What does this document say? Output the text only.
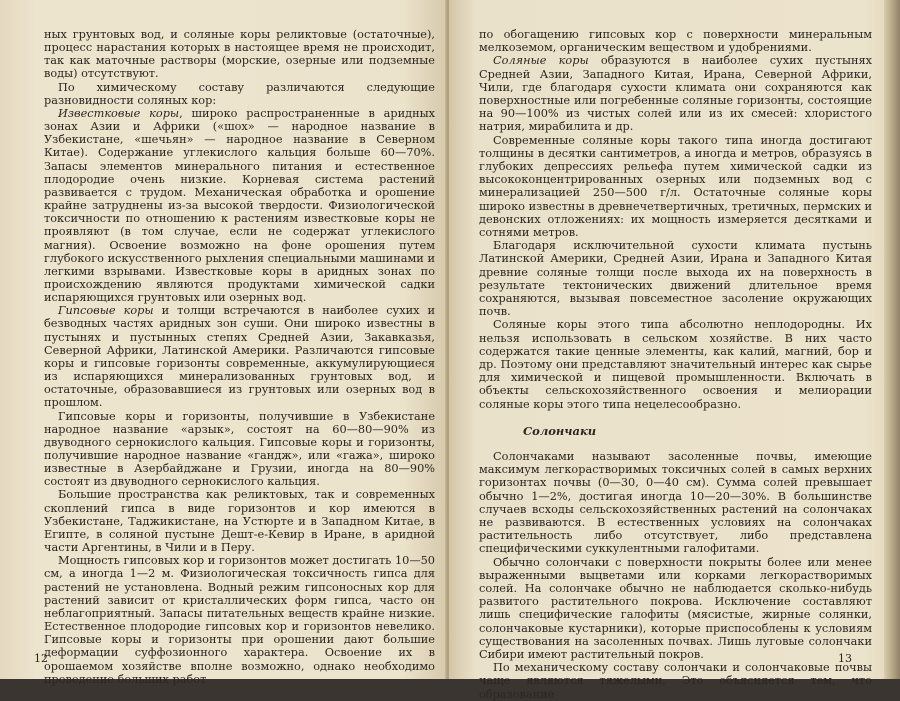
ных грунтовых вод, и соляные коры реликтовые (остаточные), процесс нарастания которых в настоящее время не происходит, так как маточные растворы (морские, озерные или подземные воды) отсутствуют.

По химическому составу различаются следующие разновидности соляных кор:

Известковые коры, широко распространенные в аридных зонах Азии и Африки («шох» — народное название в Узбекистане, «шечьян» — народное название в Северном Китае). Содержание углекислого кальция больше 60—70%. Запасы элементов минерального питания и естественное плодородие очень низкие. Корневая система растений развивается с трудом. Механическая обработка и орошение крайне затруднены из-за высокой твердости. Физиологической токсичности по отношению к растениям известковые коры не проявляют (в том случае, если не содержат углекислого магния). Освоение возможно на фоне орошения путем глубокого искусственного рыхления специальными машинами и легкими взрывами. Известковые коры в аридных зонах по происхождению являются продуктами химической садки испаряющихся грунтовых или озерных вод.

Гипсовые коры и толщи встречаются в наиболее сухих и безводных частях аридных зон суши. Они широко известны в пустынях и пустынных степях Средней Азии, Закавказья, Северной Африки, Латинской Америки. Различаются гипсовые коры и гипсовые горизонты современные, аккумулирующиеся из испаряющихся минерализованных грунтовых вод, и остаточные, образовавшиеся из грунтовых или озерных вод в прошлом.

Гипсовые коры и горизонты, получившие в Узбекистане народное название «арзык», состоят на 60—80—90% из двуводного сернокислого кальция. Гипсовые коры и горизонты, получившие народное название «гандж», или «гажа», широко известные в Азербайджане и Грузии, иногда на 80—90% состоят из двуводного сернокислого кальция.

Большие пространства как реликтовых, так и современных скоплений гипса в виде горизонтов и кор имеются в Узбекистане, Таджикистане, на Устюрте и в Западном Китае, в Египте, в соляной пустыне Дешт-е-Кевир в Иране, в аридной части Аргентины, в Чили и в Перу.

Мощность гипсовых кор и горизонтов может достигать 10—50 см, а иногда 1—2 м. Физиологическая токсичность гипса для растений не установлена. Водный режим гипсоносных кор для растений зависит от кристаллических форм гипса, часто он неблагоприятный. Запасы питательных веществ крайне низкие. Естественное плодородие гипсовых кор и горизонтов невелико. Гипсовые коры и горизонты при орошении дают большие деформации суффозионного характера. Освоение их в орошаемом хозяйстве вполне возможно, однако необходимо проведение больших работ

12

по обогащению гипсовых кор с поверхности минеральным мелкоземом, органическим веществом и удобрениями.

Соляные коры образуются в наиболее сухих пустынях Средней Азии, Западного Китая, Ирана, Северной Африки, Чили, где благодаря сухости климата они сохраняются как поверхностные или погребенные соляные горизонты, состоящие на 90—100% из чистых солей или из их смесей: хлористого натрия, мирабилита и др.

Современные соляные коры такого типа иногда достигают толщины в десятки сантиметров, а иногда и метров, образуясь в глубоких депрессиях рельефа путем химической садки из высококонцентрированных озерных или подземных вод с минерализацией 250—500 г/л. Остаточные соляные коры широко известны в древнечетвертичных, третичных, пермских и девонских отложениях: их мощность измеряется десятками и сотнями метров.

Благодаря исключительной сухости климата пустынь Латинской Америки, Средней Азии, Ирана и Западного Китая древние соляные толщи после выхода их на поверхность в результате тектонических движений длительное время сохраняются, вызывая повсеместное засоление окружающих почв.

Соляные коры этого типа абсолютно неплодородны. Их нельзя использовать в сельском хозяйстве. В них часто содержатся такие ценные элементы, как калий, магний, бор и др. Поэтому они представляют значительный интерес как сырье для химической и пищевой промышленности. Включать в объекты сельскохозяйственного освоения и мелиорации соляные коры этого типа нецелесообразно.

Солончаки

Солончаками называют засоленные почвы, имеющие максимум легкорастворимых токсичных солей в самых верхних горизонтах почвы (0—30, 0—40 см). Сумма солей превышает обычно 1—2%, достигая иногда 10—20—30%. В большинстве случаев всходы сельскохозяйственных растений на солончаках не развиваются. В естественных условиях на солончаках растительность либо отсутствует, либо представлена специфическими суккулентными галофитами.

Обычно солончаки с поверхности покрыты более или менее выраженными выцветами или корками легкорастворимых солей. На солончаке обычно не наблюдается сколько-нибудь развитого растительного покрова. Исключение составляют лишь специфические галофиты (мясистые, жирные солянки, солончаковые кустарники), которые приспособлены к условиям существования на засоленных почвах. Лишь луговые солончаки Сибири имеют растительный покров.

По механическому составу солончаки и солончаковые почвы чаще являются тяжелыми. Это объясняется тем, что образование

13
